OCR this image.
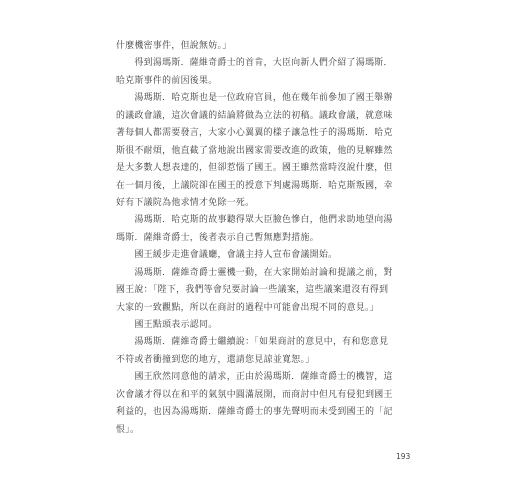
什麼機密事件，但說無妨。」
　　得到湯瑪斯．薩維奇爵士的首肯，大臣向新人們介紹了湯瑪斯．
哈克斯事件的前因後果。
　　湯瑪斯．哈克斯也是一位政府官員，他在幾年前參加了國王舉辦
的議政會議，這次會議的結論將做為立法的初稿。議政會議，就意味
著每個人都需要發言，大家小心翼翼的樣子讓急性子的湯瑪斯．哈克
斯很不耐煩，他直截了當地說出國家需要改進的政策，他的見解雖然
是大多數人想表達的，但卻惹惱了國王。國王雖然當時沒說什麼，但
在一個月後，上議院卻在國王的授意下判處湯瑪斯．哈克斯叛國，幸
好有下議院為他求情才免除一死。
　　湯瑪斯．哈克斯的故事聽得眾大臣臉色慘白，他們求助地望向湯
瑪斯．薩維奇爵士，後者表示自己暫無應對措施。
　　國王緩步走進會議廳，會議主持人宣布會議開始。
　　湯瑪斯．薩維奇爵士靈機一動，在大家開始討論和提議之前，對
國王說：「陛下，我們等會兒要討論一些議案，這些議案還沒有得到
大家的一致觀點，所以在商討的過程中可能會出現不同的意見。」
　　國王點頭表示認同。
　　湯瑪斯．薩維奇爵士繼續說：「如果商討的意見中，有和您意見
不符或者衝撞到您的地方，還請您見諒並寬恕。」
　　國王欣然同意他的請求，正由於湯瑪斯．薩維奇爵士的機智，這
次會議才得以在和平的氣氛中圓滿展開，而商討中但凡有侵犯到國王
利益的，也因為湯瑪斯．薩維奇爵士的事先聲明而未受到國王的「記
恨」。
193
